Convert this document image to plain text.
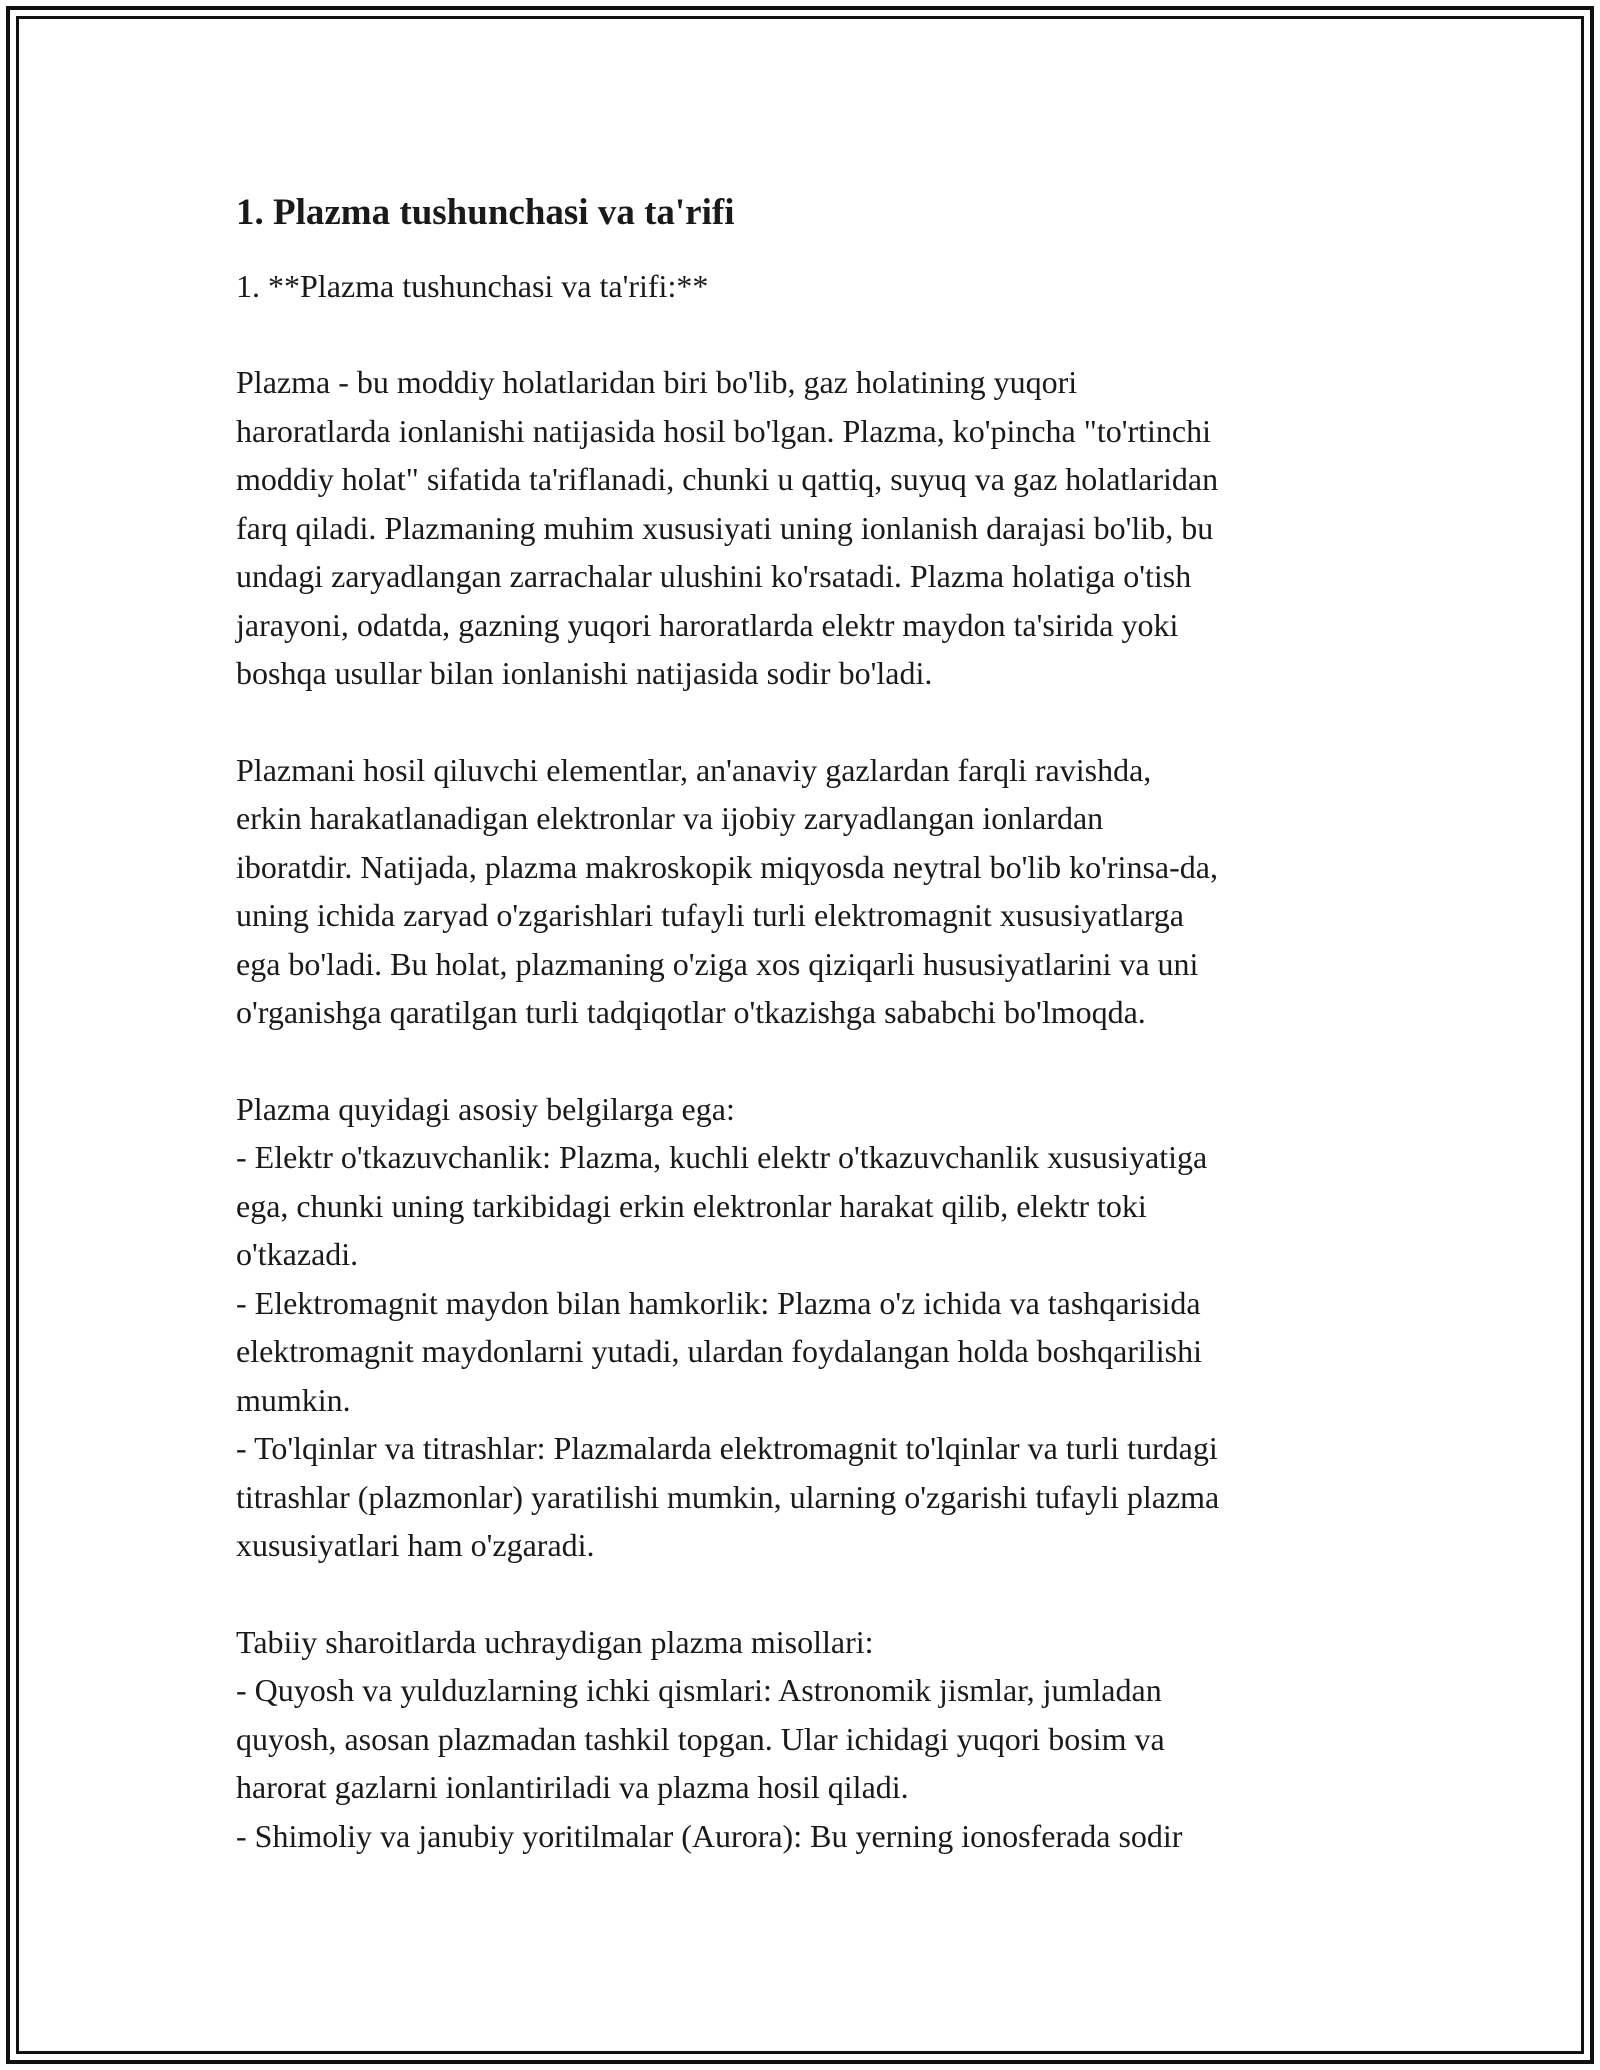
1. Plazma tushunchasi va ta'rifi

1. **Plazma tushunchasi va ta'rifi:**

Plazma - bu moddiy holatlaridan biri bo'lib, gaz holatining yuqori
haroratlarda ionlanishi natijasida hosil bo'lgan. Plazma, ko'pincha "to'rtinchi
moddiy holat" sifatida ta'riflanadi, chunki u qattiq, suyuq va gaz holatlaridan
farq qiladi. Plazmaning muhim xususiyati uning ionlanish darajasi bo'lib, bu
undagi zaryadlangan zarrachalar ulushini ko'rsatadi. Plazma holatiga o'tish
jarayoni, odatda, gazning yuqori haroratlarda elektr maydon ta'sirida yoki
boshqa usullar bilan ionlanishi natijasida sodir bo'ladi.

Plazmani hosil qiluvchi elementlar, an'anaviy gazlardan farqli ravishda,
erkin harakatlanadigan elektronlar va ijobiy zaryadlangan ionlardan
iboratdir. Natijada, plazma makroskopik miqyosda neytral bo'lib ko'rinsa-da,
uning ichida zaryad o'zgarishlari tufayli turli elektromagnit xususiyatlarga
ega bo'ladi. Bu holat, plazmaning o'ziga xos qiziqarli hususiyatlarini va uni
o'rganishga qaratilgan turli tadqiqotlar o'tkazishga sababchi bo'lmoqda.

Plazma quyidagi asosiy belgilarga ega:
- Elektr o'tkazuvchanlik: Plazma, kuchli elektr o'tkazuvchanlik xususiyatiga
ega, chunki uning tarkibidagi erkin elektronlar harakat qilib, elektr toki
o'tkazadi.
- Elektromagnit maydon bilan hamkorlik: Plazma o'z ichida va tashqarisida
elektromagnit maydonlarni yutadi, ulardan foydalangan holda boshqarilishi
mumkin.
- To'lqinlar va titrashlar: Plazmalarda elektromagnit to'lqinlar va turli turdagi
titrashlar (plazmonlar) yaratilishi mumkin, ularning o'zgarishi tufayli plazma
xususiyatlari ham o'zgaradi.

Tabiiy sharoitlarda uchraydigan plazma misollari:
- Quyosh va yulduzlarning ichki qismlari: Astronomik jismlar, jumladan
quyosh, asosan plazmadan tashkil topgan. Ular ichidagi yuqori bosim va
harorat gazlarni ionlantiriladi va plazma hosil qiladi.
- Shimoliy va janubiy yoritilmalar (Aurora): Bu yerning ionosferada sodir
